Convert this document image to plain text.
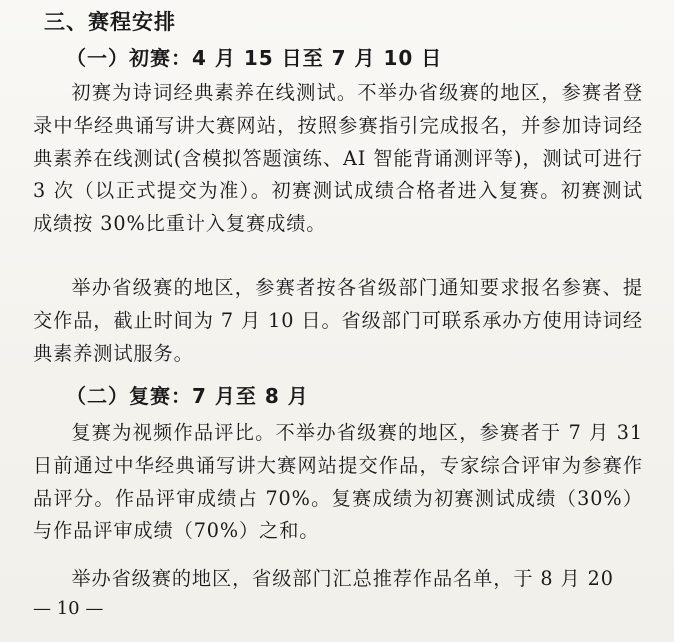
三、赛程安排
（一）初赛：4 月 15 日至 7 月 10 日

初赛为诗词经典素养在线测试。不举办省级赛的地区，参赛者登录中华经典诵写讲大赛网站，按照参赛指引完成报名，并参加诗词经典素养在线测试(含模拟答题演练、AI 智能背诵测评等)，测试可进行 3 次（以正式提交为准）。初赛测试成绩合格者进入复赛。初赛测试成绩按 30%比重计入复赛成绩。

举办省级赛的地区，参赛者按各省级部门通知要求报名参赛、提交作品，截止时间为 7 月 10 日。省级部门可联系承办方使用诗词经典素养测试服务。

（二）复赛：7 月至 8 月

复赛为视频作品评比。不举办省级赛的地区，参赛者于 7 月 31 日前通过中华经典诵写讲大赛网站提交作品，专家综合评审为参赛作品评分。作品评审成绩占 70%。复赛成绩为初赛测试成绩（30%）与作品评审成绩（70%）之和。

举办省级赛的地区，省级部门汇总推荐作品名单，于 8 月 20

— 10 —
